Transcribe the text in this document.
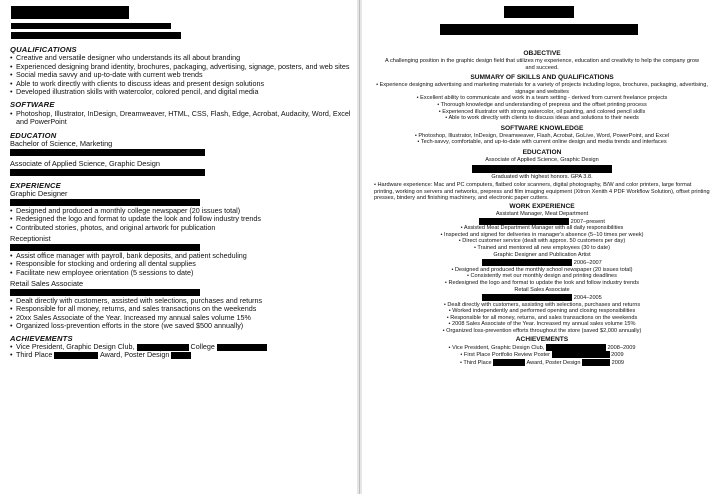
QUALIFICATIONS
• Creative and versatile designer who understands its all about branding
• Experienced designing brand identity, brochures, packaging, advertising, signage, posters, and web sites
• Social media savvy and up-to-date with current web trends
• Able to work directly with clients to discuss ideas and present design solutions
• Developed illustration skills with watercolor, colored pencil, and digital media
SOFTWARE
• Photoshop, Illustrator, InDesign, Dreamweaver, HTML, CSS, Flash, Edge, Acrobat, Audacity, Word, Excel and PowerPoint
EDUCATION
Bachelor of Science, Marketing
Associate of Applied Science, Graphic Design
EXPERIENCE
Graphic Designer
• Designed and produced a monthly college newspaper (20 issues total)
• Redesigned the logo and format to update the look and follow industry trends
• Contributed stories, photos, and original artwork for publication
Receptionist
• Assist office manager with payroll, bank deposits, and patient scheduling
• Responsible for stocking and ordering all dental supplies
• Facilitate new employee orientation (5 sessions to date)
Retail Sales Associate
• Dealt directly with customers, assisted with selections, purchases and returns
• Responsible for all money, returns, and sales transactions on the weekends
• 20xx Sales Associate of the Year. Increased my annual sales volume 15%
• Organized loss-prevention efforts in the store (we saved $500 annually)
ACHIEVEMENTS
• Vice President, Graphic Design Club,	College
• Third Place	Award, Poster Design
OBJECTIVE
A challenging position in the graphic design field that utilizes my experience, education and creativity to help the company grow and succeed.
SUMMARY OF SKILLS AND QUALIFICATIONS
• Experience designing advertising and marketing materials for a variety of projects including logos, brochures, packaging, advertising, signage and websites
• Excellent ability to communicate and work in a team setting - derived from current freelance projects
• Thorough knowledge and understanding of prepress and the offset printing process
• Experienced illustrator with strong watercolor, oil painting, and colored pencil skills
• Able to work directly with clients to discuss ideas and solutions to their needs
SOFTWARE KNOWLEDGE
• Photoshop, Illustrator, InDesign, Dreamweaver, Flash, Acrobat, GoLive, Word, PowerPoint, and Excel
• Tech-savvy, comfortable, and up-to-date with current online design and media trends and interfaces
EDUCATION
Associate of Applied Science, Graphic Design
Graduated with highest honors. GPA 3.8.
• Hardware experience: Mac and PC computers, flatbed color scanners, digital photography, B/W and color printers, large format printing, working on servers and networks, prepress and film imaging equipment (Xitron Xenith 4 PDF Workflow Solution), offset printing presses, bindery and finishing machinery, and electronic paper cutters.
WORK EXPERIENCE
Assistant Manager, Meat Department
2007–present
• Assisted Meat Department Manager with all daily responsibilities
• Inspected and signed for deliveries in manager's absence (5–10 times per week)
• Direct customer service (dealt with approx. 50 customers per day)
• Trained and mentored all new employees (30 to date)
Graphic Designer and Publication Artist
2006–2007
• Designed and produced the monthly school newspaper (20 issues total)
• Consistently met our monthly design and printing deadlines
• Redesigned the logo and format to update the look and follow industry trends
Retail Sales Associate
2004–2005
• Dealt directly with customers, assisting with selections, purchases and returns
• Worked independently and performed opening and closing responsibilities
• Responsible for all money, returns, and sales transactions on the weekends
• 2008 Sales Associate of the Year. Increased my annual sales volume 15%
• Organized loss-prevention efforts throughout the store (saved $2,000 annually)
ACHIEVEMENTS
• Vice President, Graphic Design Club,	2008–2009
• First Place Portfolio Review Poster	2009
• Third Place	Award, Poster Design	2009
